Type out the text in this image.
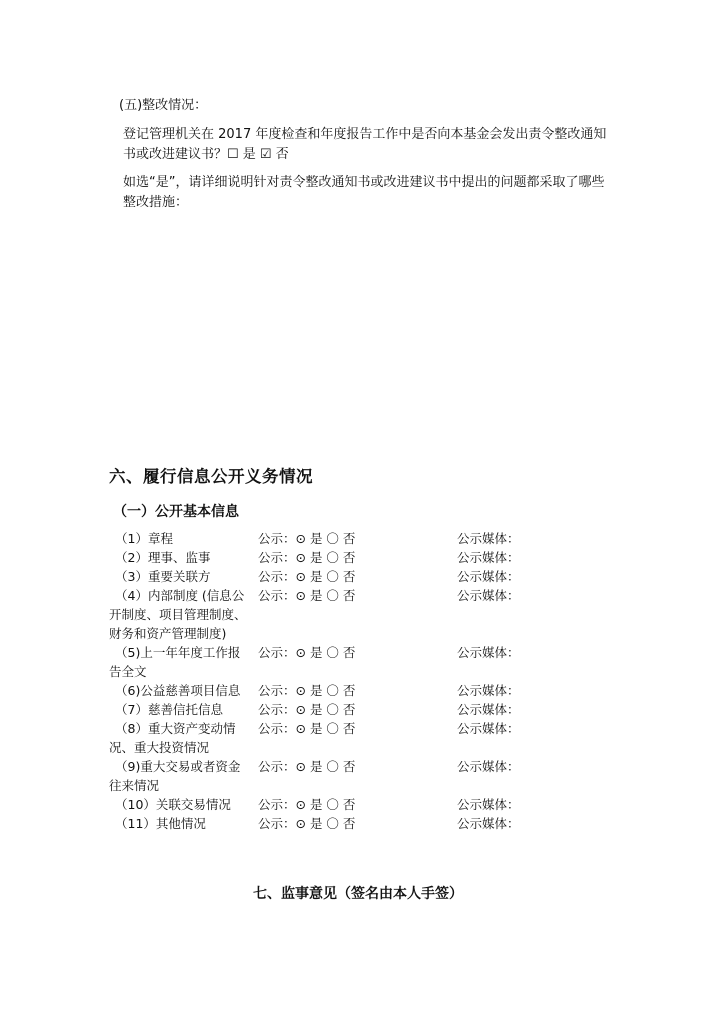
(五)整改情况：
登记管理机关在 2017 年度检查和年度报告工作中是否向本基金会发出责令整改通知
书或改进建议书？☐ 是 ☑ 否
如选“是”，请详细说明针对责令整改通知书或改进建议书中提出的问题都采取了哪些
整改措施：
六、履行信息公开义务情况
（一）公开基本信息
（1）章程	公示：⊙ 是 〇 否	公示媒体：
（2）理事、监事	公示：⊙ 是 〇 否	公示媒体：
（3）重要关联方	公示：⊙ 是 〇 否	公示媒体：
（4）内部制度 (信息公 公示：⊙ 是 〇 否	公示媒体：
开制度、项目管理制度、
财务和资产管理制度)
（5)上一年年度工作报 公示：⊙ 是 〇 否	公示媒体：
告全文
（6)公益慈善项目信息 公示：⊙ 是 〇 否	公示媒体：
（7）慈善信托信息	公示：⊙ 是 〇 否	公示媒体：
（8）重大资产变动情 公示：⊙ 是 〇 否	公示媒体：
况、重大投资情况
（9)重大交易或者资金 公示：⊙ 是 〇 否	公示媒体：
往来情况
（10）关联交易情况 公示：⊙ 是 〇 否	公示媒体：
（11）其他情况	公示：⊙ 是 〇 否	公示媒体：
七、监事意见（签名由本人手签）
